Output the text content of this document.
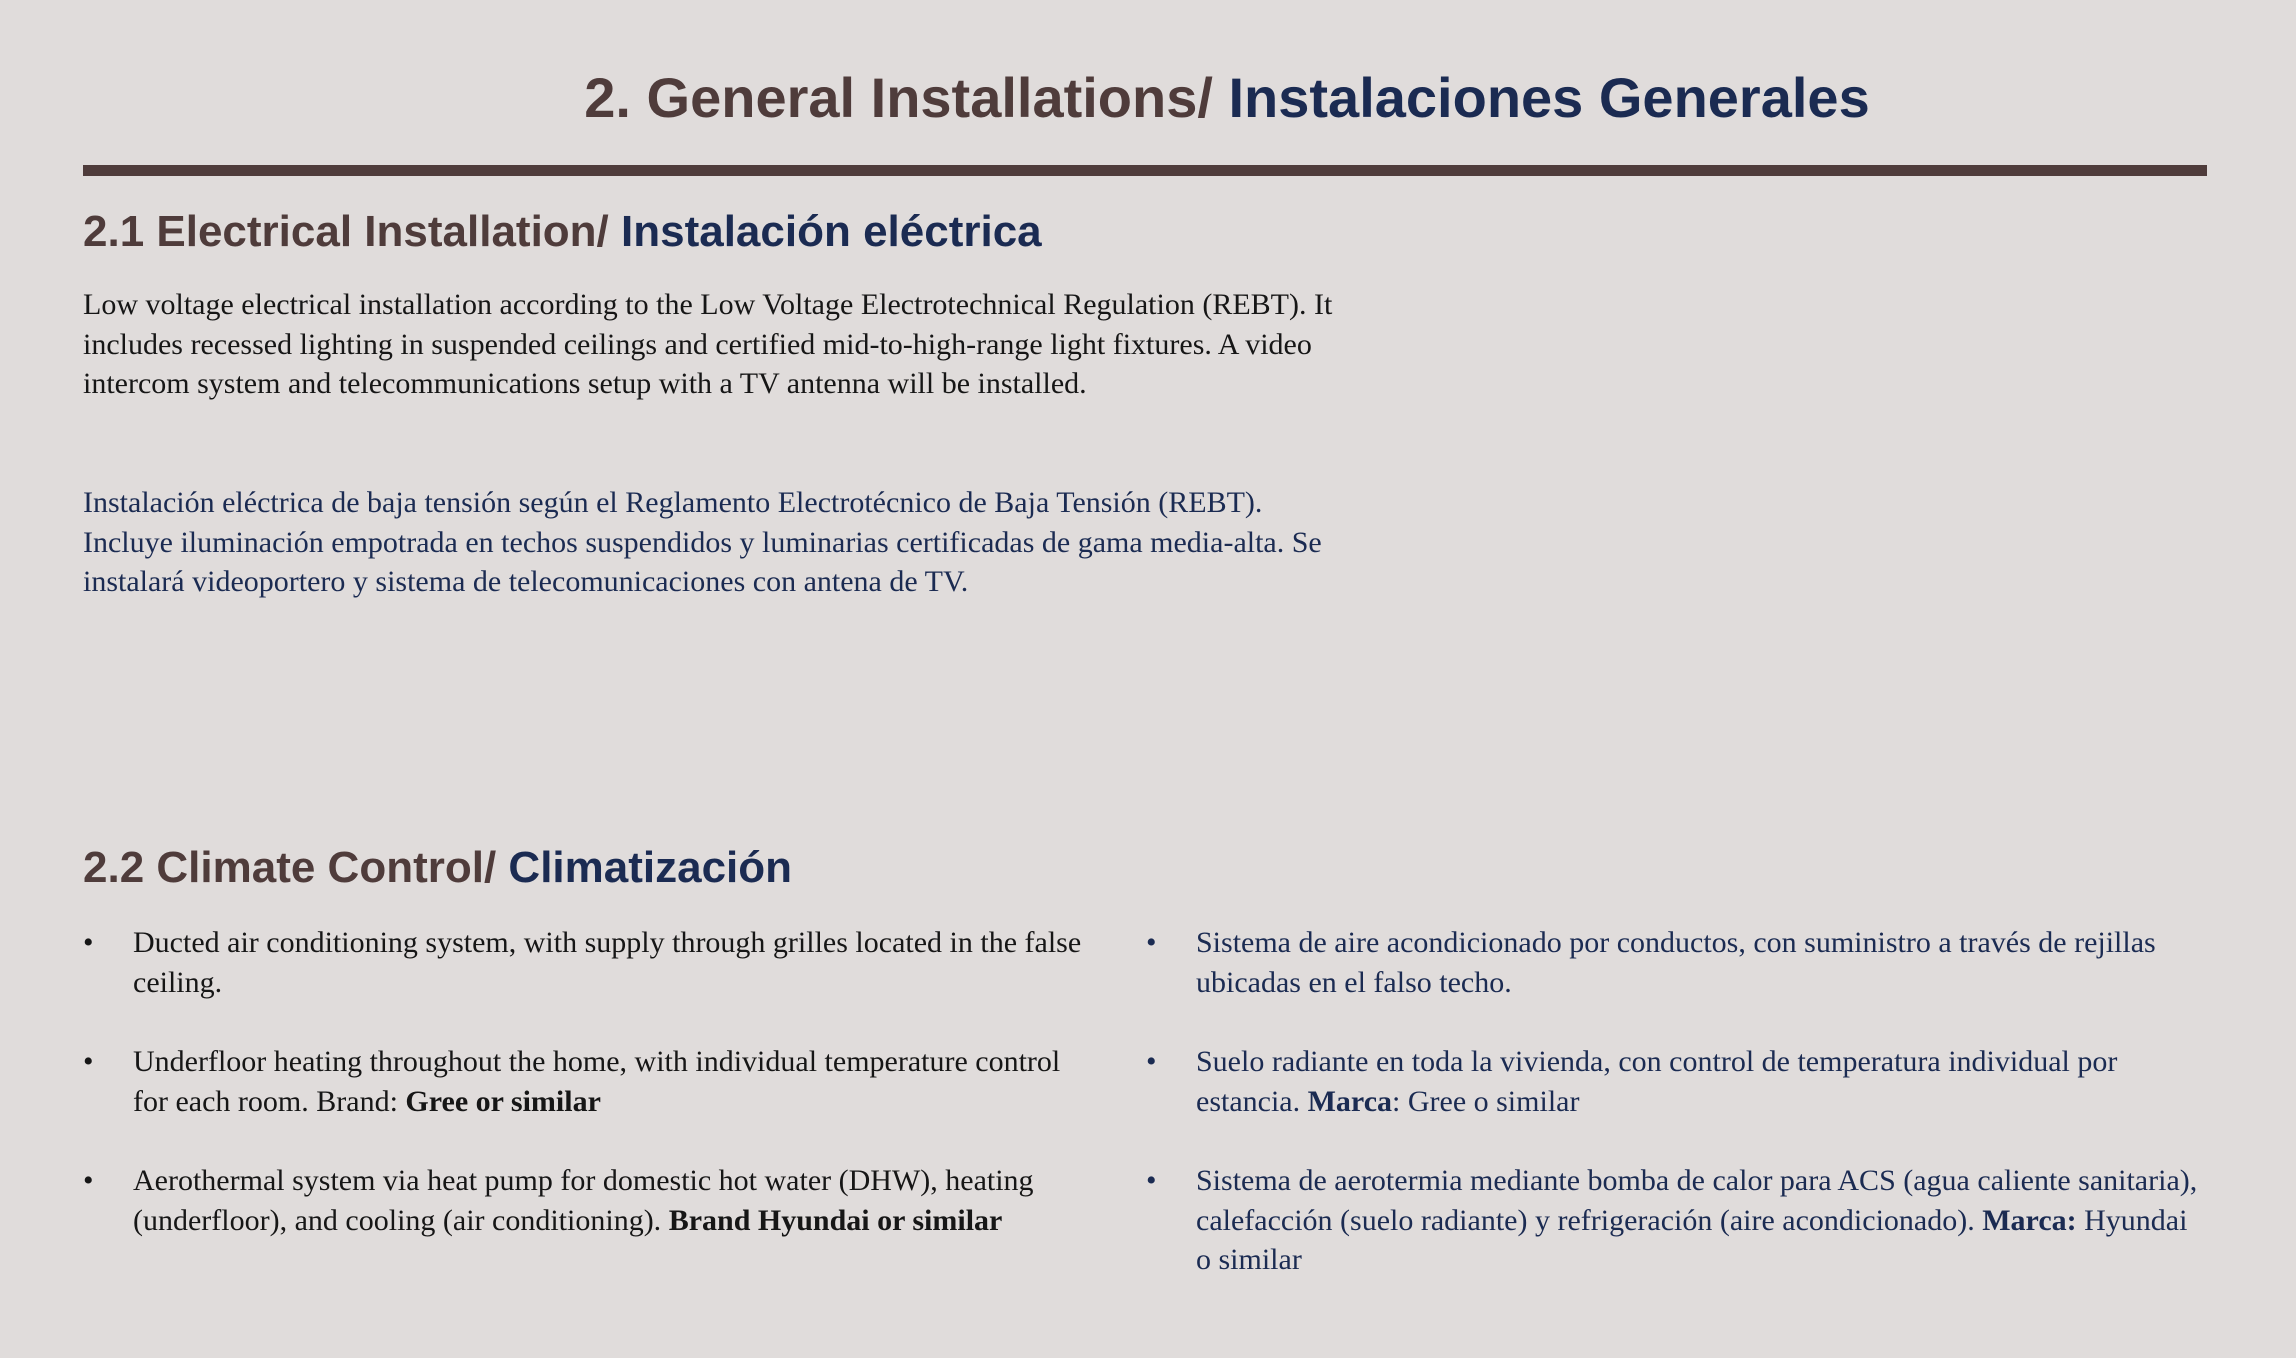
2. General Installations/ Instalaciones Generales
2.1 Electrical Installation/ Instalación eléctrica

Low voltage electrical installation according to the Low Voltage Electrotechnical Regulation (REBT). It includes recessed lighting in suspended ceilings and certified mid-to-high-range light fixtures. A video intercom system and telecommunications setup with a TV antenna will be installed.

Instalación eléctrica de baja tensión según el Reglamento Electrotécnico de Baja Tensión (REBT). Incluye iluminación empotrada en techos suspendidos y luminarias certificadas de gama media-alta. Se instalará videoportero y sistema de telecomunicaciones con antena de TV.

2.2 Climate Control/ Climatización
• Ducted air conditioning system, with supply through grilles located in the false ceiling.
• Underfloor heating throughout the home, with individual temperature control for each room. Brand: Gree or similar
• Aerothermal system via heat pump for domestic hot water (DHW), heating (underfloor), and cooling (air conditioning). Brand Hyundai or similar
• Sistema de aire acondicionado por conductos, con suministro a través de rejillas ubicadas en el falso techo.
• Suelo radiante en toda la vivienda, con control de temperatura individual por estancia. Marca: Gree o similar
• Sistema de aerotermia mediante bomba de calor para ACS (agua caliente sanitaria), calefacción (suelo radiante) y refrigeración (aire acondicionado). Marca: Hyundai o similar
